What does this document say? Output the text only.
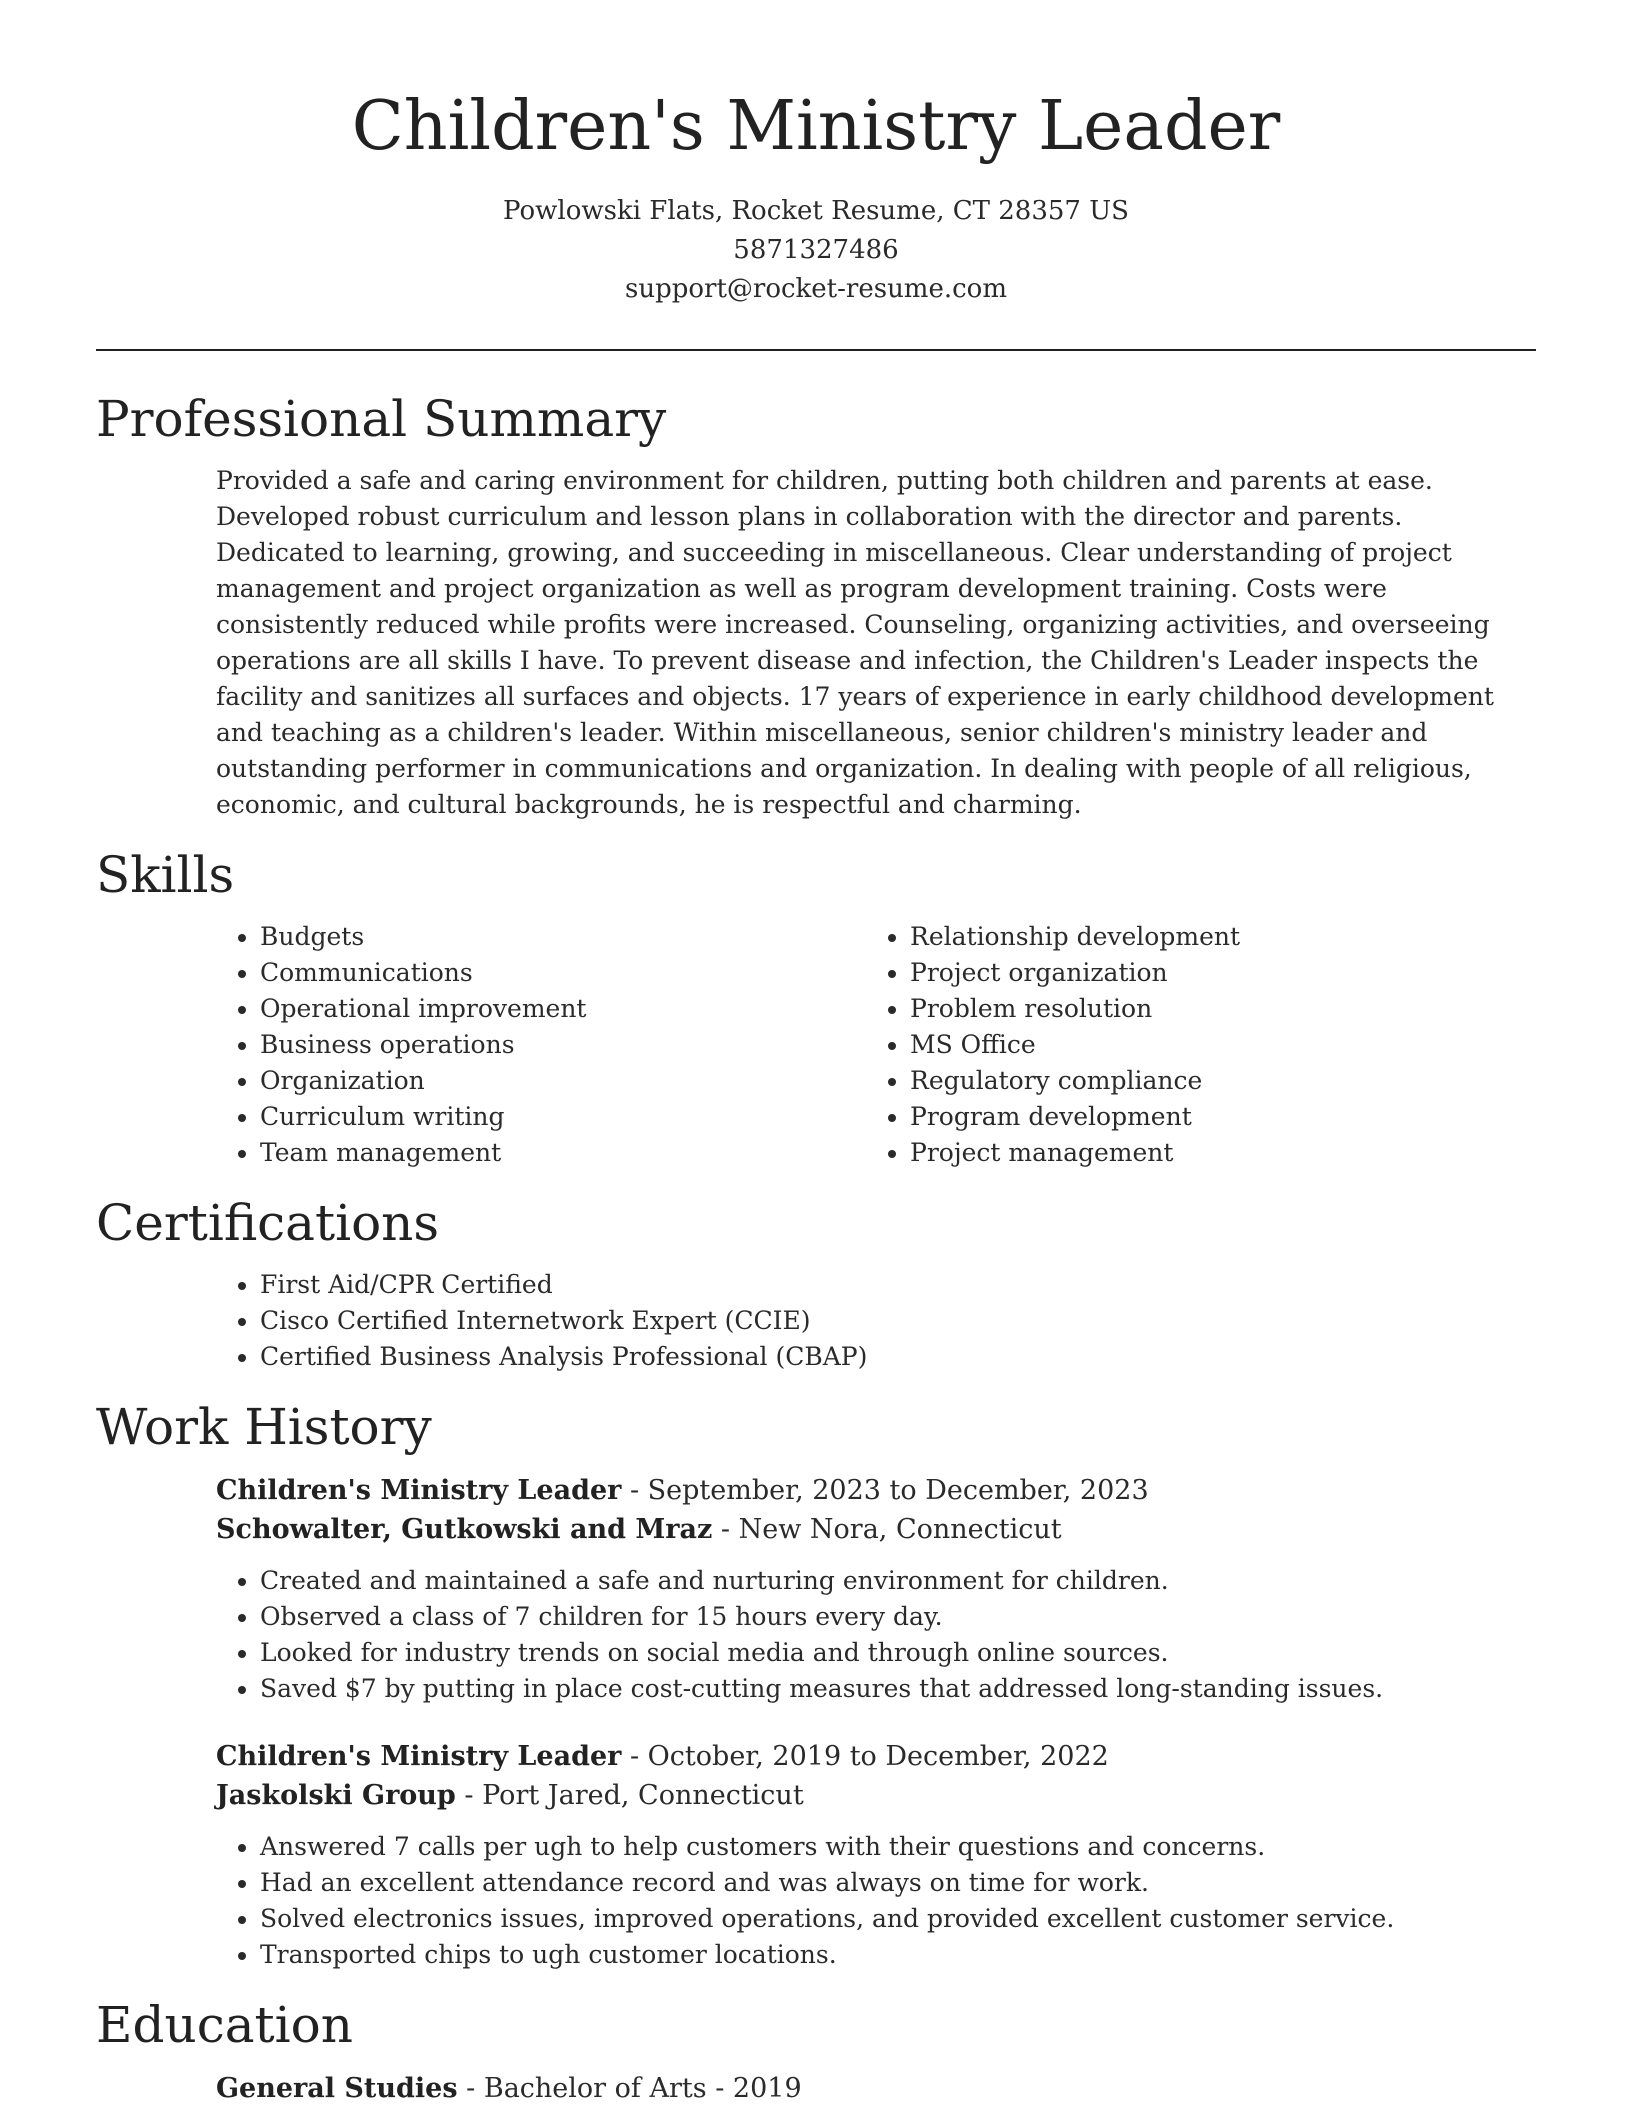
Children's Ministry Leader
Powlowski Flats, Rocket Resume, CT 28357 US
5871327486
support@rocket-resume.com
Professional Summary
Provided a safe and caring environment for children, putting both children and parents at ease. Developed robust curriculum and lesson plans in collaboration with the director and parents. Dedicated to learning, growing, and succeeding in miscellaneous. Clear understanding of project management and project organization as well as program development training. Costs were consistently reduced while profits were increased. Counseling, organizing activities, and overseeing operations are all skills I have. To prevent disease and infection, the Children's Leader inspects the facility and sanitizes all surfaces and objects. 17 years of experience in early childhood development and teaching as a children's leader. Within miscellaneous, senior children's ministry leader and outstanding performer in communications and organization. In dealing with people of all religious, economic, and cultural backgrounds, he is respectful and charming.
Skills
• Budgets
• Communications
• Operational improvement
• Business operations
• Organization
• Curriculum writing
• Team management
• Relationship development
• Project organization
• Problem resolution
• MS Office
• Regulatory compliance
• Program development
• Project management
Certifications
• First Aid/CPR Certified
• Cisco Certified Internetwork Expert (CCIE)
• Certified Business Analysis Professional (CBAP)
Work History
Children's Ministry Leader - September, 2023 to December, 2023
Schowalter, Gutkowski and Mraz - New Nora, Connecticut
• Created and maintained a safe and nurturing environment for children.
• Observed a class of 7 children for 15 hours every day.
• Looked for industry trends on social media and through online sources.
• Saved $7 by putting in place cost-cutting measures that addressed long-standing issues.
Children's Ministry Leader - October, 2019 to December, 2022
Jaskolski Group - Port Jared, Connecticut
• Answered 7 calls per ugh to help customers with their questions and concerns.
• Had an excellent attendance record and was always on time for work.
• Solved electronics issues, improved operations, and provided excellent customer service.
• Transported chips to ugh customer locations.
Education
General Studies - Bachelor of Arts - 2019
